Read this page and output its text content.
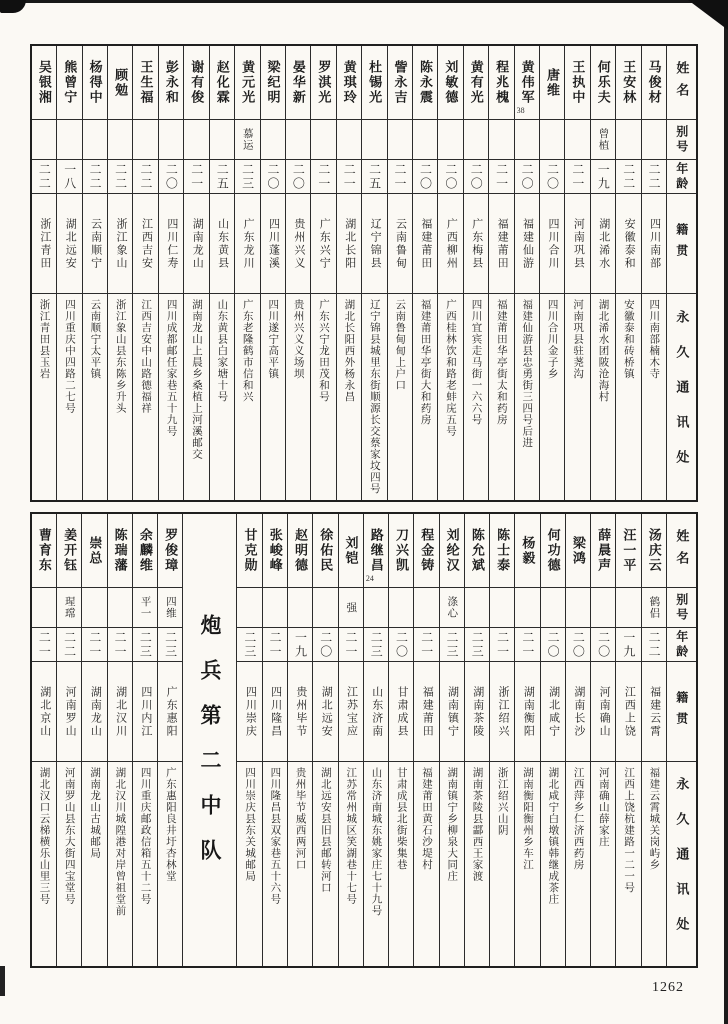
姓名
别号
年龄
籍贯
永久通讯处
马俊材
二二
四川南部
四川南部楠木寺
王安林
二二
安徽泰和
安徽泰和砖桥镇
何乐夫
曾植
一九
湖北浠水
湖北浠水团陂沧海村
王执中
二一
河南巩县
河南巩县驻荛沟
唐维
二〇
四川合川
四川合川金子乡
黄伟军
38
二〇
福建仙游
福建仙游县忠勇街三四号后进
程兆槐
二一
福建莆田
福建莆田华亭街太和药房
黄有光
二〇
广东梅县
四川宜宾走马街一六六号
刘敏德
二〇
广西柳州
广西桂林饮和路老蚌庑五号
陈永震
二〇
福建莆田
福建莆田华亭街大和药房
訾永吉
二一
云南鲁甸
云南鲁甸甸上户口
杜锡光
二五
辽宁锦县
辽宁锦县城里东街顺源长交蔡家坟四号
黄琪玲
二一
湖北长阳
湖北长阳西外杨永昌
罗淇光
二一
广东兴宁
广东兴宁龙田茂和号
晏华新
二〇
贵州兴义
贵州兴义义场坝
梁纪明
二〇
四川蓬溪
四川遂宁高平镇
黄元光
慕运
二三
广东龙川
广东老隆鹤市信和兴
赵化霖
二五
山东黄县
山东黄县白家塘十号
谢有俊
二一
湖南龙山
湖南龙山上晨乡桑植上河溪邮交
彭永和
二〇
四川仁寿
四川成都邮任家巷五十九号
王生福
二二
江西吉安
江西吉安中山路德福祥
顾勉
二二
浙江象山
浙江象山县东陈乡升头
杨得中
二二
云南顺宁
云南顺宁太平镇
熊曾宁
一八
湖北远安
四川重庆中四路二七号
吴银湘
二二
浙江青田
浙江青田县玉岩
姓名
别号
年龄
籍贯
永久通讯处
汤庆云
鹤侣
二二
福建云霄
福建云霄城关岗屿乡
汪一平
一九
江西上饶
江西上饶杭建路一二一号
薛晨声
二〇
河南确山
河南确山薛家庄
梁鸿
二〇
湖南长沙
江西萍乡仁济西药房
何功德
二〇
湖北咸宁
湖北咸宁白墩镇韩继成茶庄
杨毅
二一
湖南衡阳
湖南衡阳衡州乡车江
陈士泰
二一
浙江绍兴
浙江绍兴山阴
陈允斌
二三
湖南茶陵
湖南茶陵县酃西王家渡
刘纶汉
涤心
二三
湖南镇宁
湖南镇宁乡柳泉大同庄
程金铸
二一
福建莆田
福建莆田黄石沙堤村
刀兴凯
二〇
甘肃成县
甘肃成县北街柴集巷
路继昌
24
二三
山东济南
山东济南城东姚家庄七十九号
刘铠
强
二一
江苏宝应
江苏常州城区笑湖巷十七号
徐佑民
二〇
湖北远安
湖北远安县旧县邮转河口
赵明德
一九
贵州毕节
贵州毕节威西两河口
张峻峰
二一
四川隆昌
四川隆昌县双家巷五十六号
甘克勋
二三
四川崇庆
四川崇庆县东关城邮局
炮兵第二中队
罗俊璋
四维
二三
广东惠阳
广东惠阳良井圩杏林堂
余麟维
平一
二三
四川内江
四川重庆邮政信箱五十二号
陈瑞藩
二一
湖北汉川
湖北汉川城隍港对岸曾祖堂前
崇总
二一
湖南龙山
湖南龙山古城邮局
姜开钰
瑆瑺
二二
河南罗山
河南罗山县东大街四宝堂号
曹育东
二一
湖北京山
湖北汉口云梯横乐山里三号
1262
